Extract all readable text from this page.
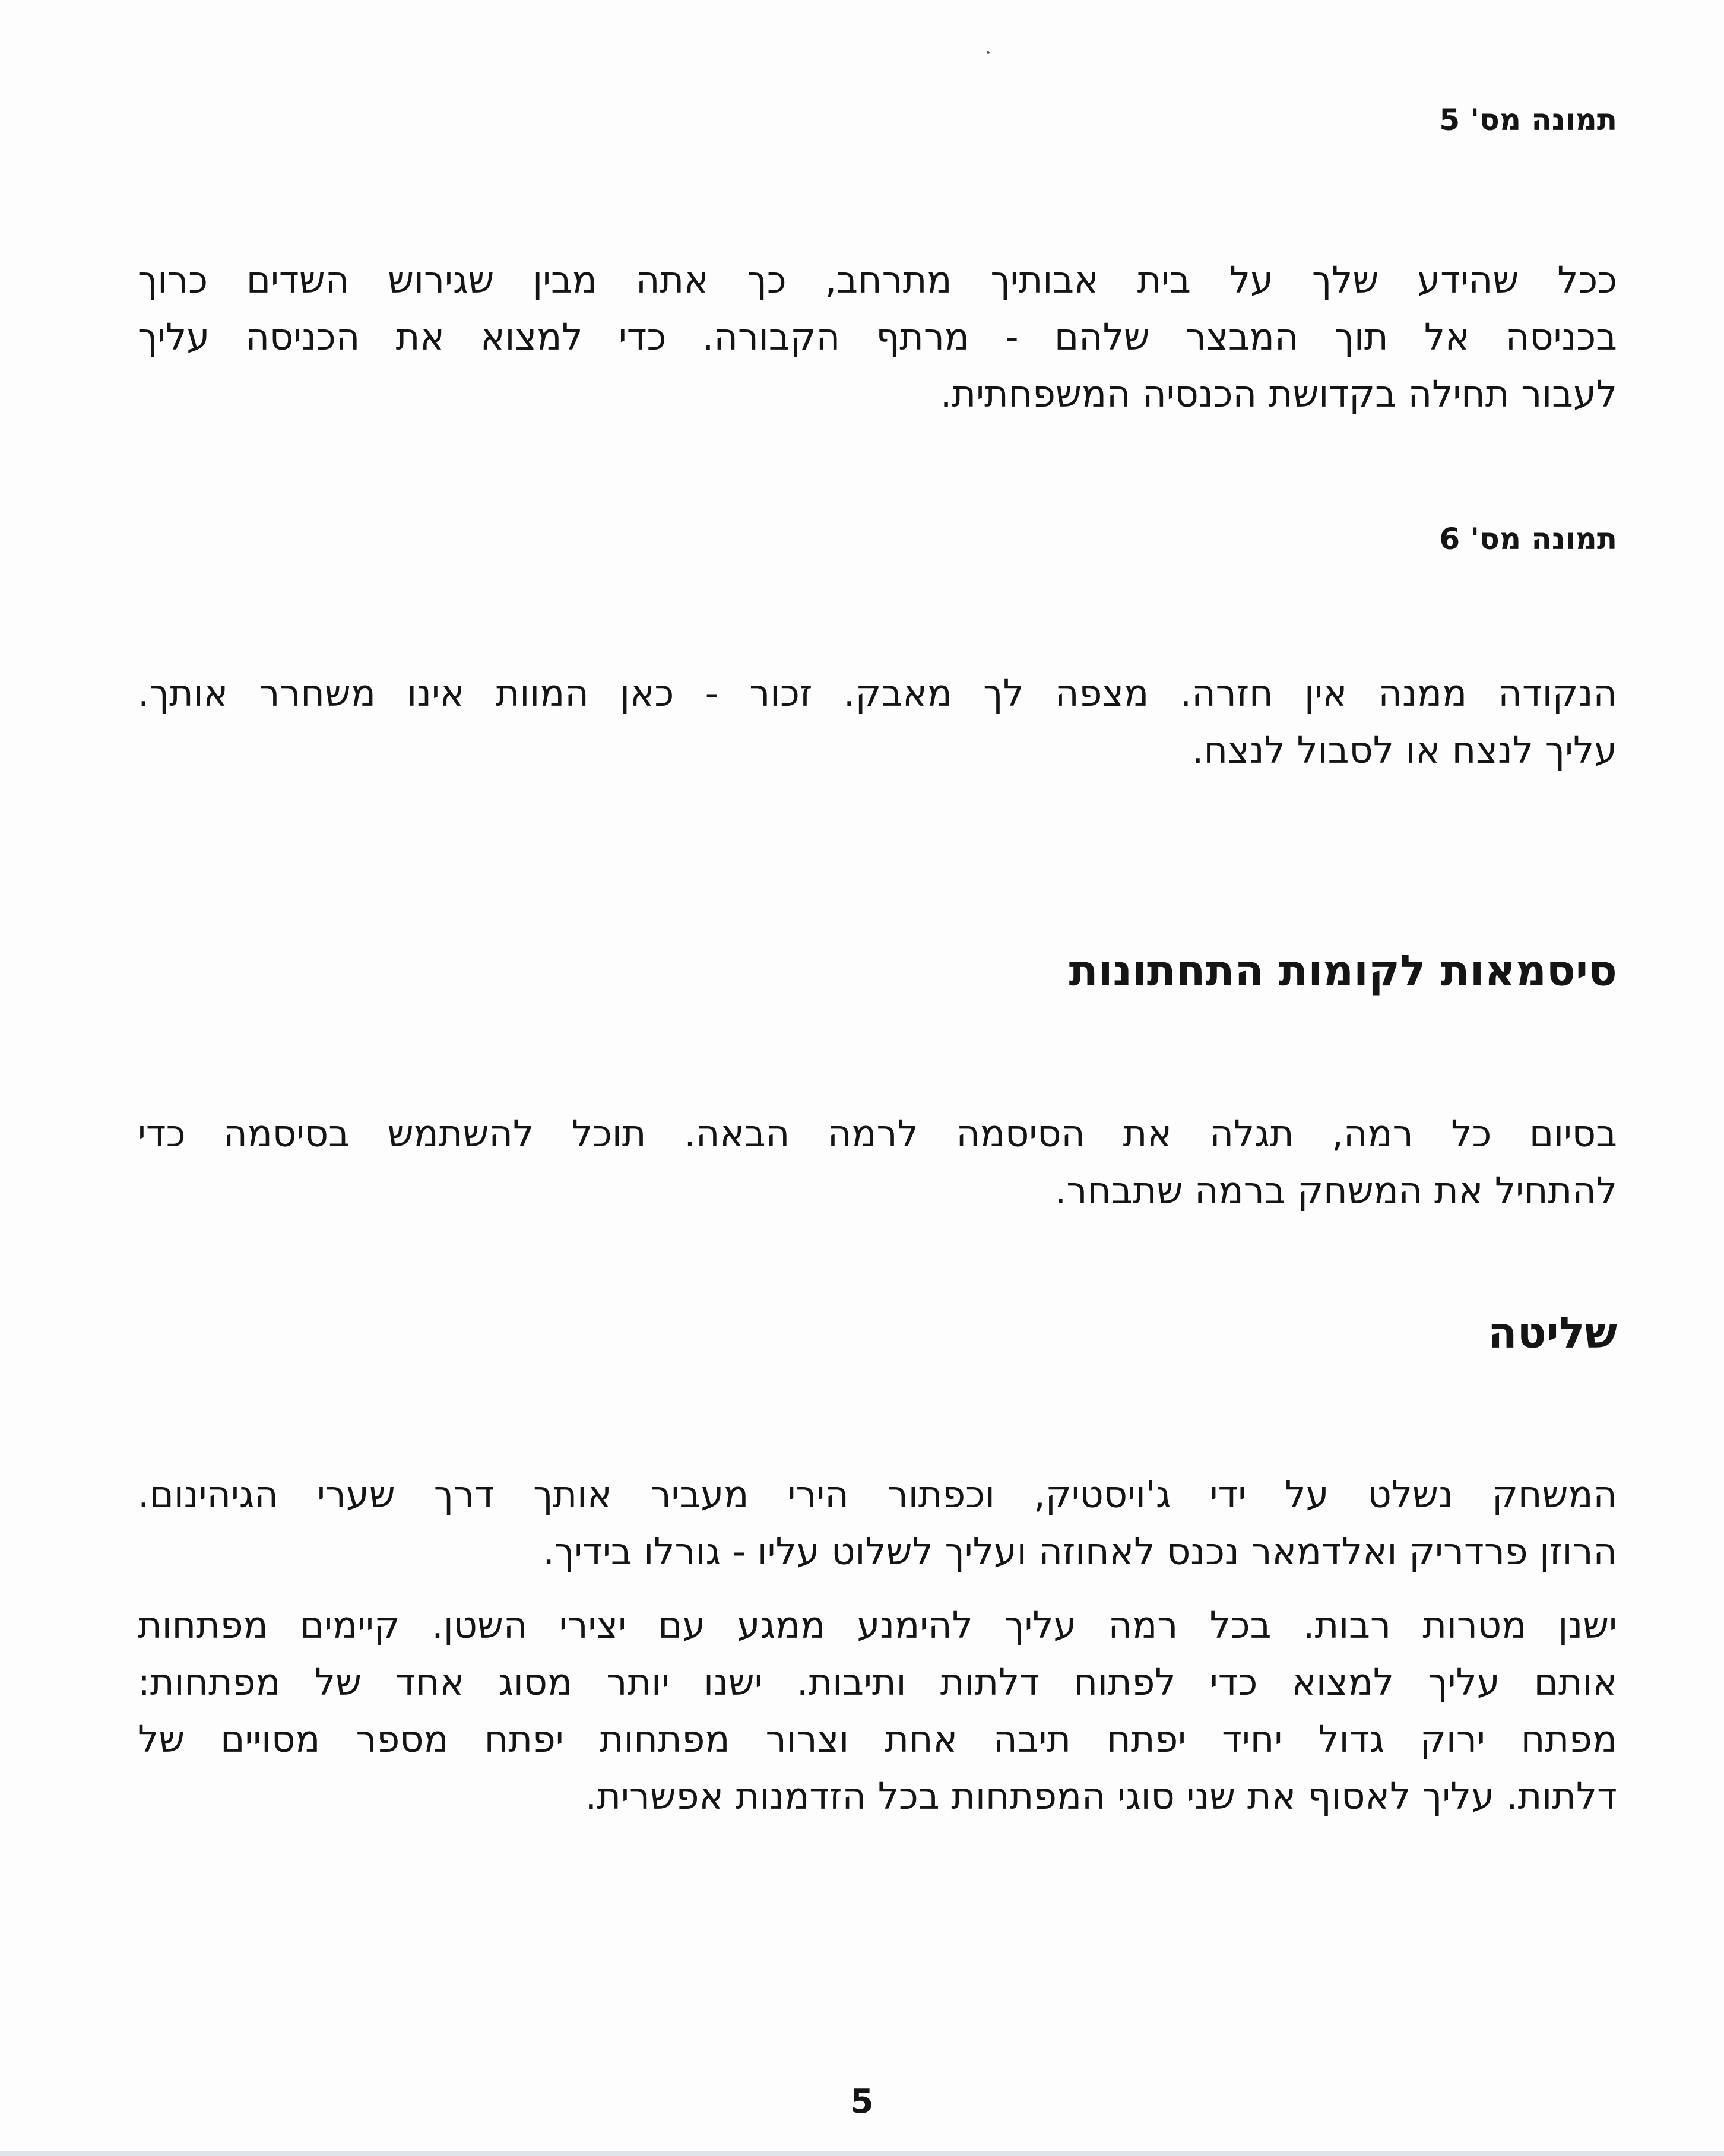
תמונה מס' 5
ככל שהידע שלך על בית אבותיך מתרחב, כך אתה מבין שגירוש השדים כרוך
בכניסה אל תוך המבצר שלהם - מרתף הקבורה. כדי למצוא את הכניסה עליך
לעבור תחילה בקדושת הכנסיה המשפחתית.
תמונה מס' 6
הנקודה ממנה אין חזרה. מצפה לך מאבק. זכור - כאן המוות אינו משחרר אותך.
עליך לנצח או לסבול לנצח.
סיסמאות לקומות התחתונות
בסיום כל רמה, תגלה את הסיסמה לרמה הבאה. תוכל להשתמש בסיסמה כדי
להתחיל את המשחק ברמה שתבחר.
שליטה
המשחק נשלט על ידי ג'ויסטיק, וכפתור הירי מעביר אותך דרך שערי הגיהינום.
הרוזן פרדריק ואלדמאר נכנס לאחוזה ועליך לשלוט עליו - גורלו בידיך.
ישנן מטרות רבות. בכל רמה עליך להימנע ממגע עם יצירי השטן. קיימים מפתחות
אותם עליך למצוא כדי לפתוח דלתות ותיבות. ישנו יותר מסוג אחד של מפתחות:
מפתח ירוק גדול יחיד יפתח תיבה אחת וצרור מפתחות יפתח מספר מסויים של
דלתות. עליך לאסוף את שני סוגי המפתחות בכל הזדמנות אפשרית.
5
